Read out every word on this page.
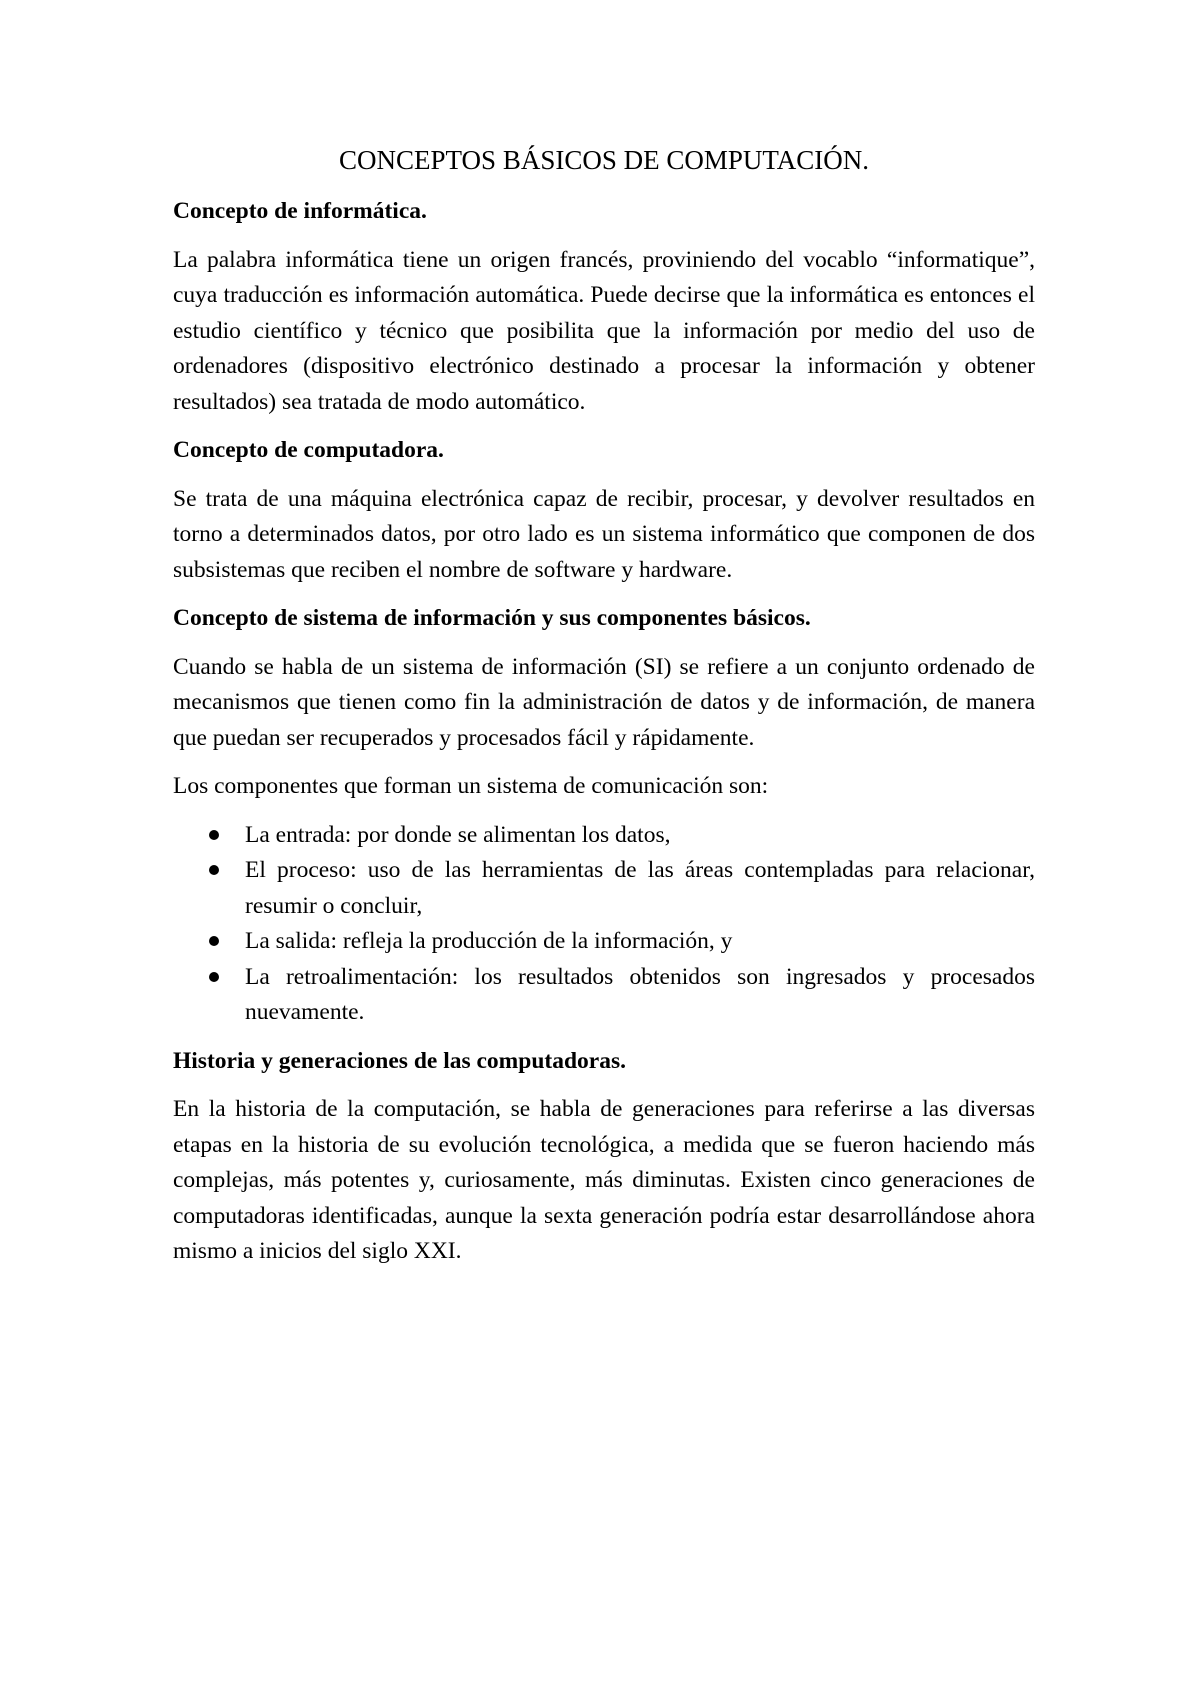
CONCEPTOS BÁSICOS DE COMPUTACIÓN.

Concepto de informática.

La palabra informática tiene un origen francés, proviniendo del vocablo “informatique”, cuya traducción es información automática. Puede decirse que la informática es entonces el estudio científico y técnico que posibilita que la información por medio del uso de ordenadores (dispositivo electrónico destinado a procesar la información y obtener resultados) sea tratada de modo automático.

Concepto de computadora.

Se trata de una máquina electrónica capaz de recibir, procesar, y devolver resultados en torno a determinados datos, por otro lado es un sistema informático que componen de dos subsistemas que reciben el nombre de software y hardware.

Concepto de sistema de información y sus componentes básicos.

Cuando se habla de un sistema de información (SI) se refiere a un conjunto ordenado de mecanismos que tienen como fin la administración de datos y de información, de manera que puedan ser recuperados y procesados fácil y rápidamente.

Los componentes que forman un sistema de comunicación son:

La entrada: por donde se alimentan los datos,
El proceso: uso de las herramientas de las áreas contempladas para relacionar, resumir o concluir,
La salida: refleja la producción de la información, y
La retroalimentación: los resultados obtenidos son ingresados y procesados nuevamente.

Historia y generaciones de las computadoras.

En la historia de la computación, se habla de generaciones para referirse a las diversas etapas en la historia de su evolución tecnológica, a medida que se fueron haciendo más complejas, más potentes y, curiosamente, más diminutas. Existen cinco generaciones de computadoras identificadas, aunque la sexta generación podría estar desarrollándose ahora mismo a inicios del siglo XXI.
